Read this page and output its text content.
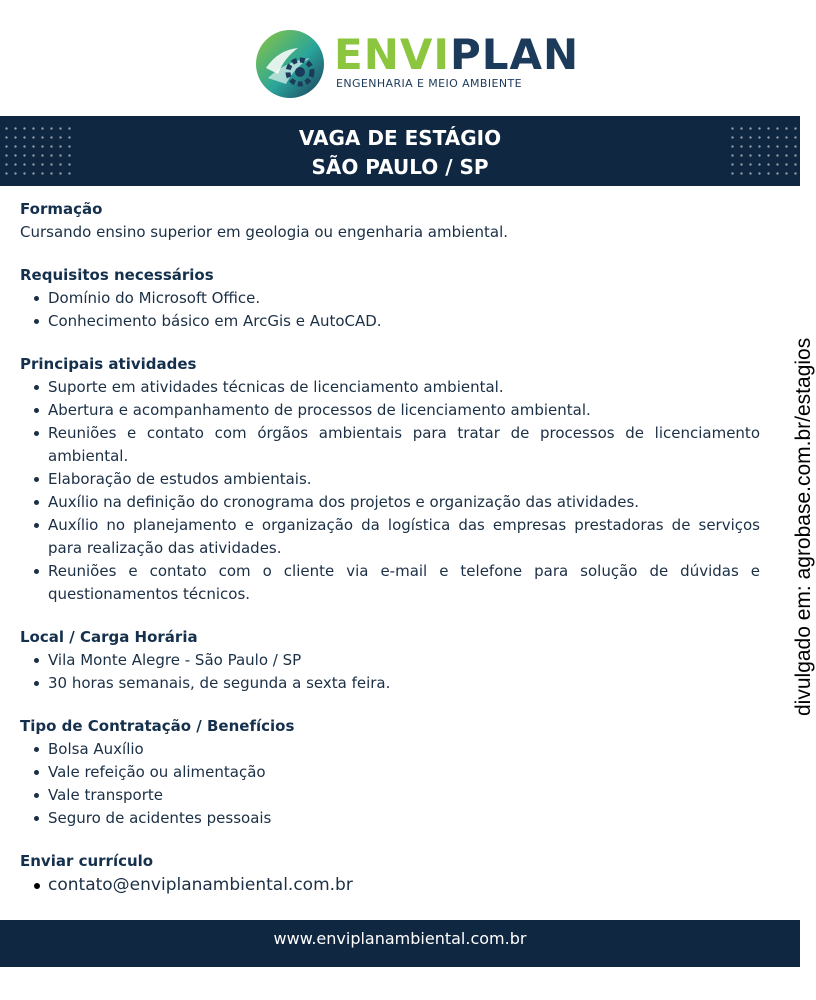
ENVIPLAN
ENGENHARIA E MEIO AMBIENTE
VAGA DE ESTÁGIO
SÃO PAULO / SP
Formação

Cursando ensino superior em geologia ou engenharia ambiental.

Requisitos necessários
Domínio do Microsoft Office.
Conhecimento básico em ArcGis e AutoCAD.
Principais atividades
Suporte em atividades técnicas de licenciamento ambiental.
Abertura e acompanhamento de processos de licenciamento ambiental.
Reuniões e contato com órgãos ambientais para tratar de processos de licenciamento ambiental.
Elaboração de estudos ambientais.
Auxílio na definição do cronograma dos projetos e organização das atividades.
Auxílio no planejamento e organização da logística das empresas prestadoras de serviços para realização das atividades.
Reuniões e contato com o cliente via e-mail e telefone para solução de dúvidas e questionamentos técnicos.
Local / Carga Horária
Vila Monte Alegre - São Paulo / SP
30 horas semanais, de segunda a sexta feira.
Tipo de Contratação / Benefícios
Bolsa Auxílio
Vale refeição ou alimentação
Vale transporte
Seguro de acidentes pessoais
Enviar currículo
contato@enviplanambiental.com.br
www.enviplanambiental.com.br
divulgado em: agrobase.com.br/estagios
